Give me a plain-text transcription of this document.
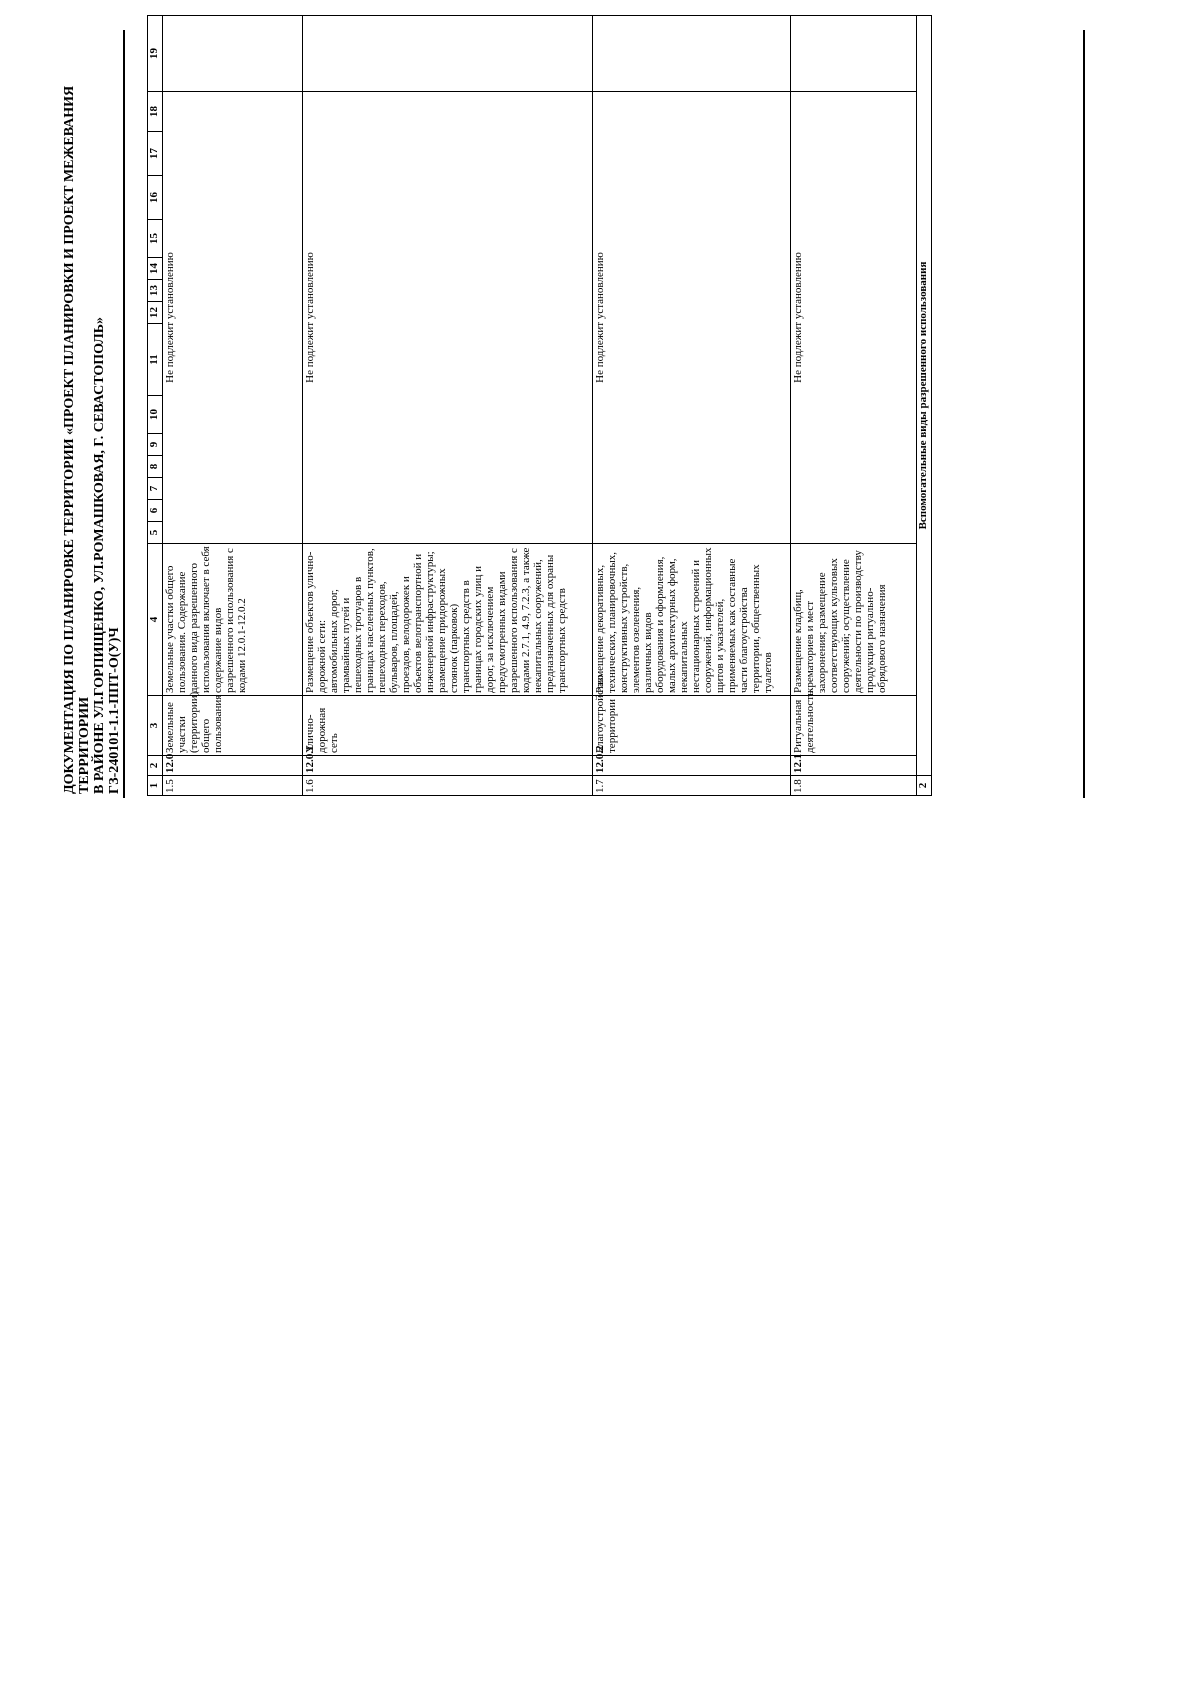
ДОКУМЕНТАЦИЯ ПО ПЛАНИРОВКЕ ТЕРРИТОРИИ «ПРОЕКТ ПЛАНИРОВКИ И ПРОЕКТ МЕЖЕВАНИЯ ТЕРРИТОРИИ В РАЙОНЕ УЛ.ГОРПИЩЕНКО, УЛ.РОМАШКОВАЯ, Г. СЕВАСТОПОЛЬ» ГЗ-240101-1.1-ППТ-О(У)Ч 1	2	3	4	5	6	7	8	9	10	11	12	13	14	15	16	17	18	19
1.5	12.0	Земельные участки (территории) общего пользования	Земельные участки общего пользования. Содержание данного вида разрешенного использования включает в себя содержание видов разрешенного использования с кодами 12.0.1-12.0.2	Не подлежит установлению														
1.6	12.0.1	Улично-дорожная сеть	Размещение объектов улично-дорожной сети: автомобильных дорог, трамвайных путей и пешеходных тротуаров в границах населенных пунктов, пешеходных переходов, бульваров, площадей, проездов, велодорожек и объектов велотранспортной и инженерной инфраструктуры; размещение придорожных стоянок (парковок) транспортных средств в границах городских улиц и дорог, за исключением предусмотренных видами разрешенного использования с кодами 2.7.1, 4.9, 7.2.3, а также некапитальных сооружений, предназначенных для охраны транспортных средств	Не подлежит установлению														
1.7	12.0.2	Благоустройство территории	Размещение декоративных, технических, планировочных, конструктивных устройств, элементов озеленения, различных видов оборудования и оформления, малых архитектурных форм, некапитальных нестационарных строений и сооружений, информационных щитов и указателей, применяемых как составные части благоустройства территории, общественных туалетов	Не подлежит установлению														
1.8	12.1	Ритуальная деятельность	Размещение кладбищ, крематориев и мест захоронения; размещение соответствующих культовых сооружений; осуществление деятельности по производству продукции ритуально-обрядового назначения	Не подлежит установлению														
2	Вспомогательные виды разрешенного использования																	
